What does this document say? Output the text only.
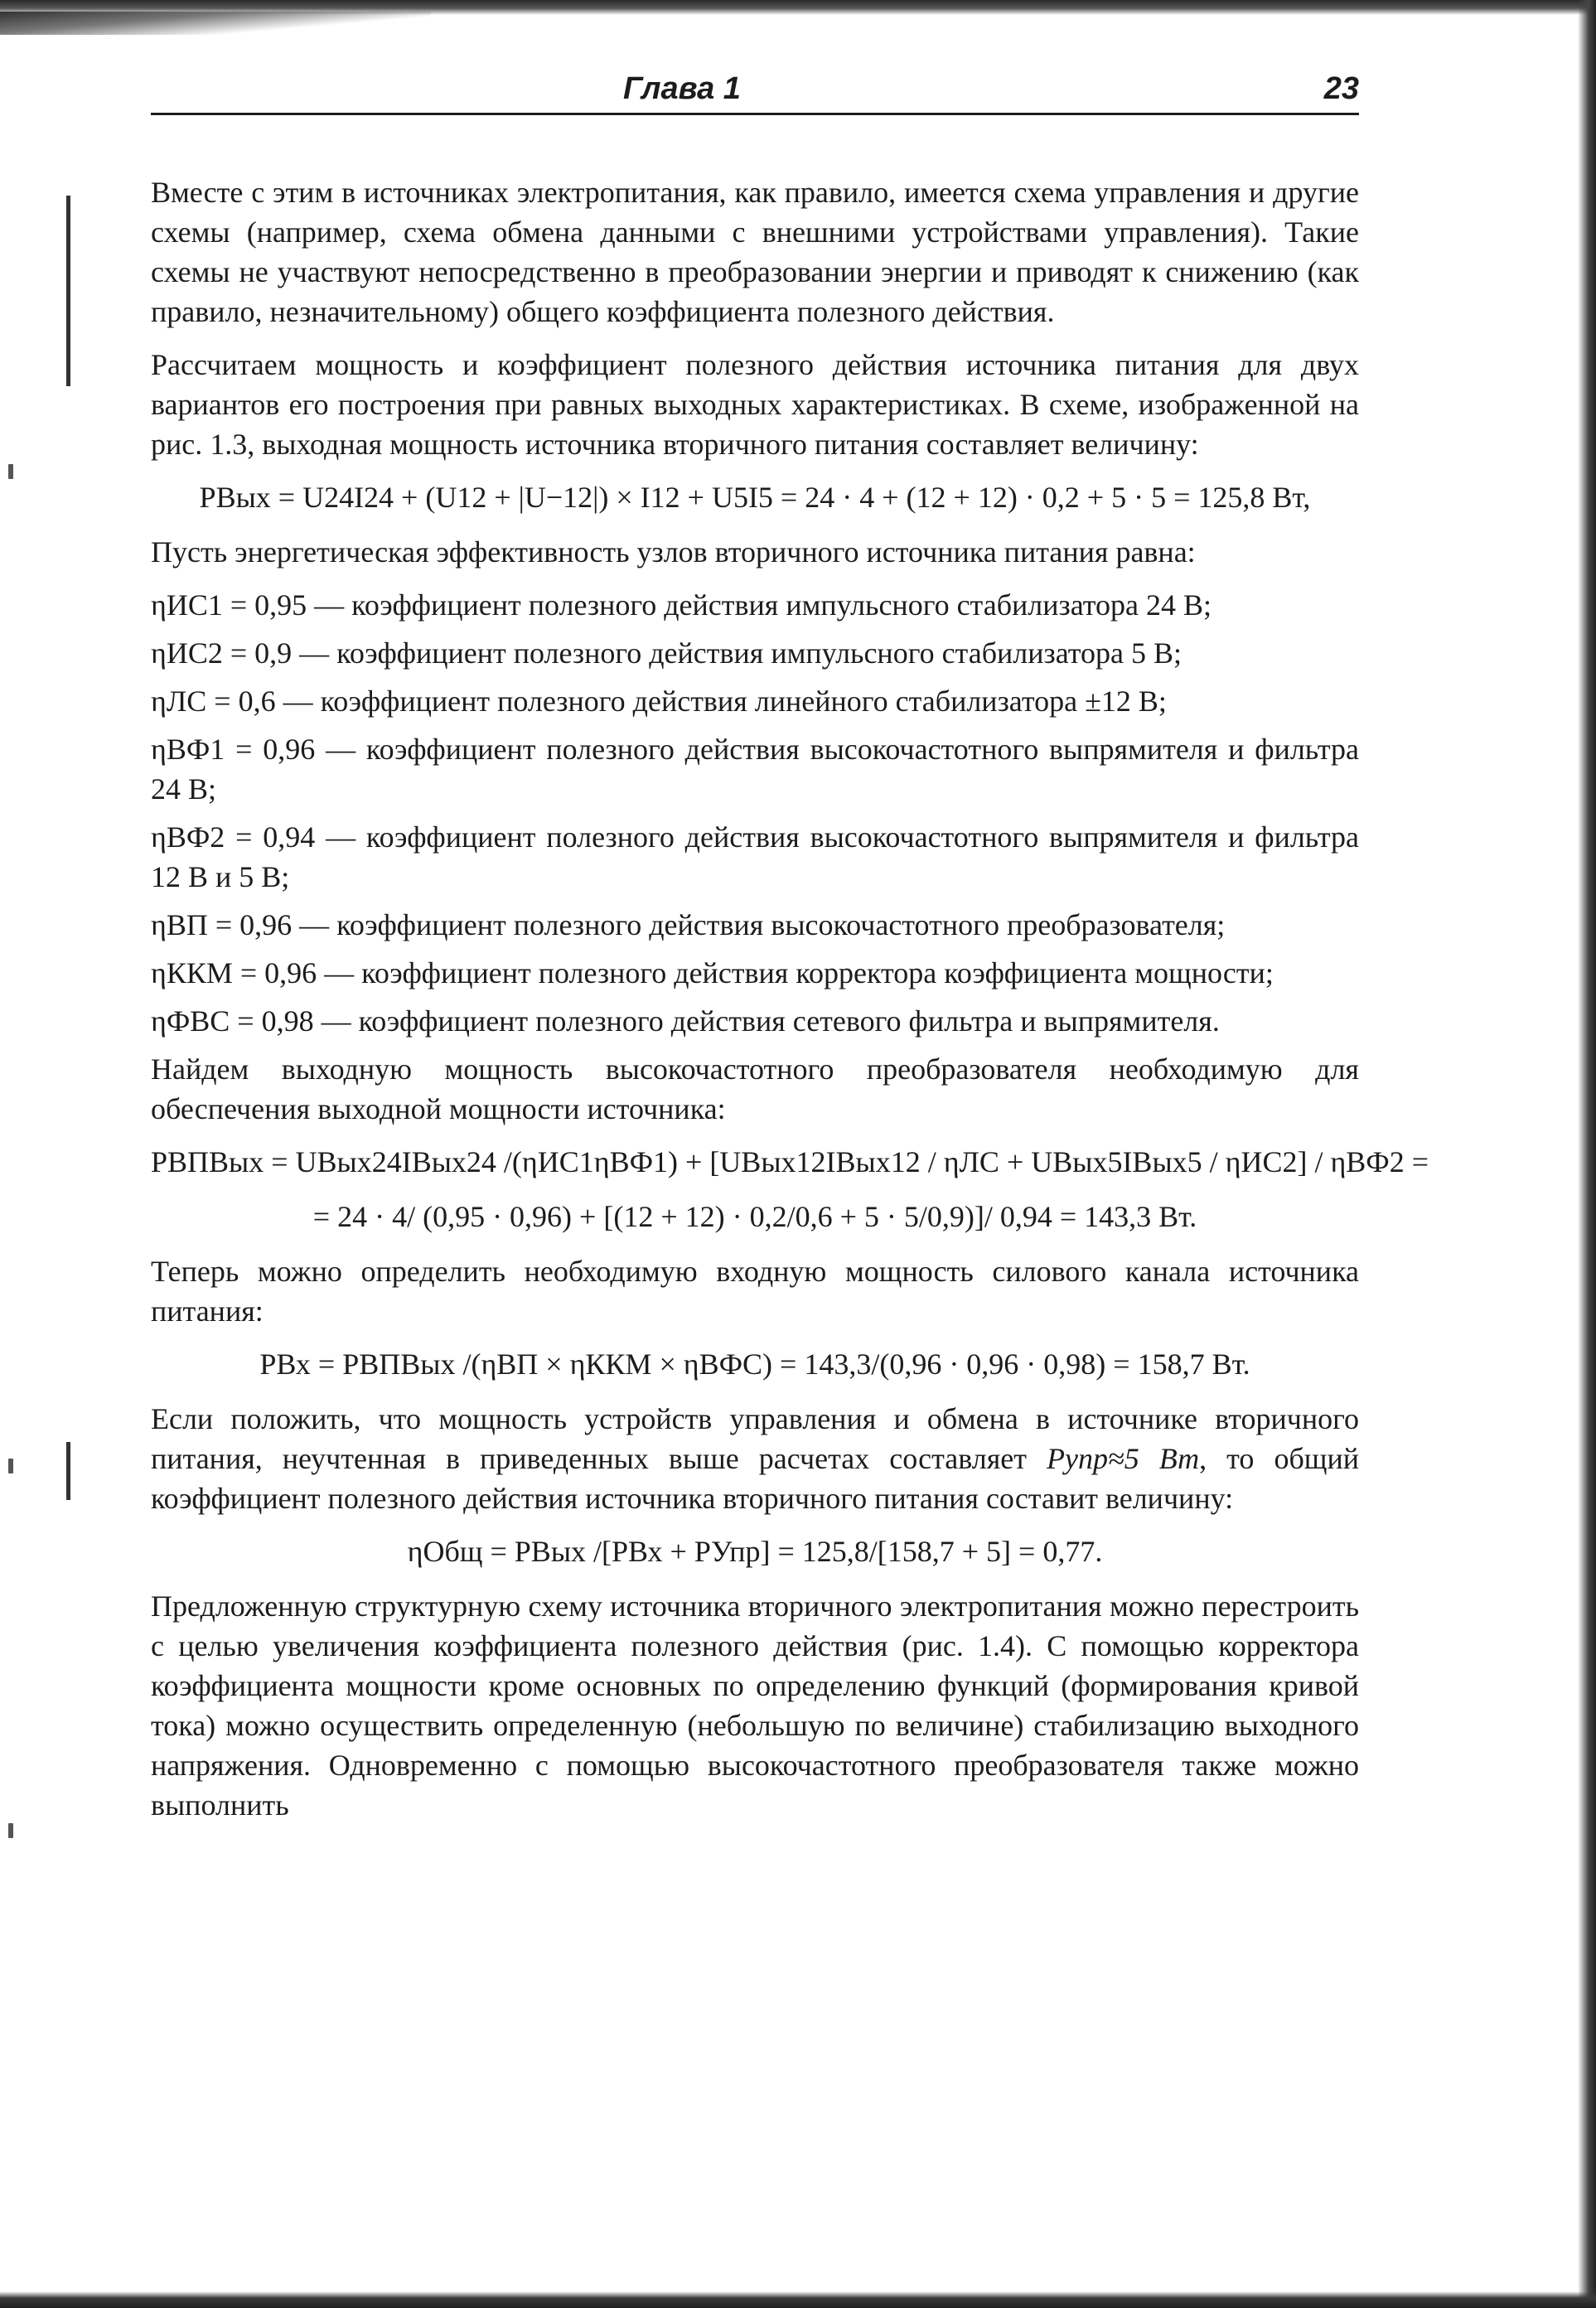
Глава 1	23

Вместе с этим в источниках электропитания, как правило, имеется схема управления и другие схемы (например, схема обмена данными с внешними устройствами управления). Такие схемы не участвуют непосредственно в преобразовании энергии и приводят к снижению (как правило, незначительному) общего коэффициента полезного действия.

Рассчитаем мощность и коэффициент полезного действия источника питания для двух вариантов его построения при равных выходных характеристиках. В схеме, изображенной на рис. 1.3, выходная мощность источника вторичного питания составляет величину:

PВых = U24I24 + (U12 + |U−12|) × I12 + U5I5 = 24 · 4 + (12 + 12) · 0,2 + 5 · 5 = 125,8 Вт,

Пусть энергетическая эффективность узлов вторичного источника питания равна:

ηИС1 = 0,95 — коэффициент полезного действия импульсного стабилизатора 24 В;
ηИС2 = 0,9 — коэффициент полезного действия импульсного стабилизатора 5 В;
ηЛС = 0,6 — коэффициент полезного действия линейного стабилизатора ±12 В;
ηВФ1 = 0,96 — коэффициент полезного действия высокочастотного выпрямителя и фильтра 24 В;
ηВФ2 = 0,94 — коэффициент полезного действия высокочастотного выпрямителя и фильтра 12 В и 5 В;
ηВП = 0,96 — коэффициент полезного действия высокочастотного преобразователя;
ηККМ = 0,96 — коэффициент полезного действия корректора коэффициента мощности;
ηФВС = 0,98 — коэффициент полезного действия сетевого фильтра и выпрямителя.

Найдем выходную мощность высокочастотного преобразователя необходимую для обеспечения выходной мощности источника:

PВПВых = UВых24IВых24 /(ηИС1ηВФ1) + [UВых12IВых12 / ηЛС + UВых5IВых5 / ηИС2] / ηВФ2 =
= 24 · 4/ (0,95 · 0,96) + [(12 + 12) · 0,2/0,6 + 5 · 5/0,9)]/ 0,94 = 143,3 Вт.

Теперь можно определить необходимую входную мощность силового канала источника питания:

PВх = PВПВых /(ηВП × ηККМ × ηВФС) = 143,3/(0,96 · 0,96 · 0,98) = 158,7 Вт.

Если положить, что мощность устройств управления и обмена в источнике вторичного питания, неучтенная в приведенных выше расчетах составляет Pупр≈5 Вт, то общий коэффициент полезного действия источника вторичного питания составит величину:

ηОбщ = PВых /[PВх + PУпр] = 125,8/[158,7 + 5] = 0,77.

Предложенную структурную схему источника вторичного электропитания можно перестроить с целью увеличения коэффициента полезного действия (рис. 1.4). С помощью корректора коэффициента мощности кроме основных по определению функций (формирования кривой тока) можно осуществить определенную (небольшую по величине) стабилизацию выходного напряжения. Одновременно с помощью высокочастотного преобразователя также можно выполнить
